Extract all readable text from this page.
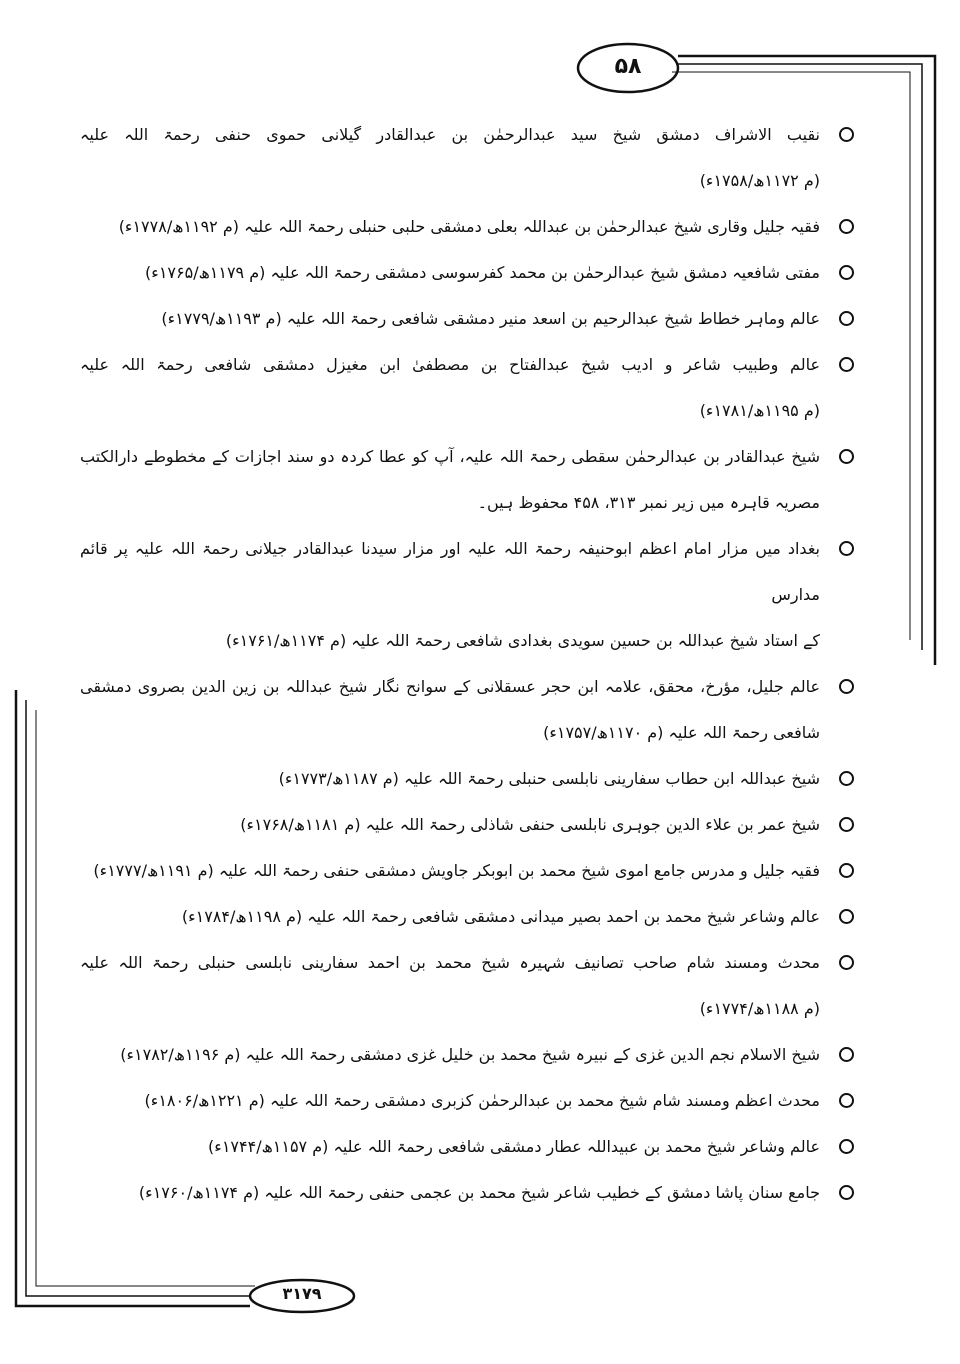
۵۸
۳۱۷۹
نقیب الاشراف دمشق شیخ سید عبدالرحمٰن بن عبدالقادر گیلانی حموی حنفی رحمۃ اللہ علیہ
(م ۱۱۷۲ھ/۱۷۵۸ء)
فقیہ جلیل وقاری شیخ عبدالرحمٰن بن عبداللہ بعلی دمشقی حلبی حنبلی رحمۃ اللہ علیہ (م ۱۱۹۲ھ/۱۷۷۸ء)
مفتی شافعیہ دمشق شیخ عبدالرحمٰن بن محمد کفرسوسی دمشقی رحمۃ اللہ علیہ (م ۱۱۷۹ھ/۱۷۶۵ء)
عالم وماہر خطاط شیخ عبدالرحیم بن اسعد منیر دمشقی شافعی رحمۃ اللہ علیہ (م ۱۱۹۳ھ/۱۷۷۹ء)
عالم وطبیب شاعر و ادیب شیخ عبدالفتاح بن مصطفیٰ ابن مغیزل دمشقی شافعی رحمۃ اللہ علیہ
(م ۱۱۹۵ھ/۱۷۸۱ء)
شیخ عبدالقادر بن عبدالرحمٰن سقطی رحمۃ اللہ علیہ، آپ کو عطا کردہ دو سند اجازات کے مخطوطے دارالکتب
مصریہ قاہرہ میں زیر نمبر ۳۱۳، ۴۵۸ محفوظ ہیں۔
بغداد میں مزار امام اعظم ابوحنیفہ رحمۃ اللہ علیہ اور مزار سیدنا عبدالقادر جیلانی رحمۃ اللہ علیہ پر قائم مدارس
کے استاد شیخ عبداللہ بن حسین سویدی بغدادی شافعی رحمۃ اللہ علیہ (م ۱۱۷۴ھ/۱۷۶۱ء)
عالم جلیل، مؤرخ، محقق، علامہ ابن حجر عسقلانی کے سوانح نگار شیخ عبداللہ بن زین الدین بصروی دمشقی
شافعی رحمۃ اللہ علیہ (م ۱۱۷۰ھ/۱۷۵۷ء)
شیخ عبداللہ ابن حطاب سفارینی نابلسی حنبلی رحمۃ اللہ علیہ (م ۱۱۸۷ھ/۱۷۷۳ء)
شیخ عمر بن علاء الدین جوہری نابلسی حنفی شاذلی رحمۃ اللہ علیہ (م ۱۱۸۱ھ/۱۷۶۸ء)
فقیہ جلیل و مدرس جامع اموی شیخ محمد بن ابوبکر جاویش دمشقی حنفی رحمۃ اللہ علیہ (م ۱۱۹۱ھ/۱۷۷۷ء)
عالم وشاعر شیخ محمد بن احمد بصیر میدانی دمشقی شافعی رحمۃ اللہ علیہ (م ۱۱۹۸ھ/۱۷۸۴ء)
محدث ومسند شام صاحب تصانیف شہیرہ شیخ محمد بن احمد سفارینی نابلسی حنبلی رحمۃ اللہ علیہ
(م ۱۱۸۸ھ/۱۷۷۴ء)
شیخ الاسلام نجم الدین غزی کے نبیرہ شیخ محمد بن خلیل غزی دمشقی رحمۃ اللہ علیہ (م ۱۱۹۶ھ/۱۷۸۲ء)
محدث اعظم ومسند شام شیخ محمد بن عبدالرحمٰن کزبری دمشقی رحمۃ اللہ علیہ (م ۱۲۲۱ھ/۱۸۰۶ء)
عالم وشاعر شیخ محمد بن عبیداللہ عطار دمشقی شافعی رحمۃ اللہ علیہ (م ۱۱۵۷ھ/۱۷۴۴ء)
جامع سنان پاشا دمشق کے خطیب شاعر شیخ محمد بن عجمی حنفی رحمۃ اللہ علیہ (م ۱۱۷۴ھ/۱۷۶۰ء)
